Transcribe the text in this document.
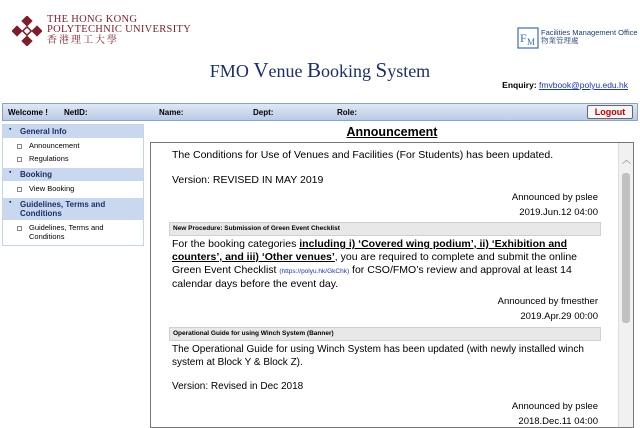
THE HONG KONG
POLYTECHNIC UNIVERSITY
香港理工大學	F M
Facilities Management Office
物業管理處
FMO Venue Booking System
Enquiry: fmvbook@polyu.edu.hk
Welcome ! NetID:	Name:	Dept:	Role:	Logout
▪ General Info
Announcement
Regulations
▪ Booking
View Booking
▪ Guidelines, Terms and Conditions
Guidelines, Terms and Conditions
Announcement
The Conditions for Use of Venues and Facilities (For Students) has been updated.
Version: REVISED IN MAY 2019
Announced by pslee
2019.Jun.12 04:00
New Procedure: Submission of Green Event Checklist
For the booking categories including i) ‘Covered wing podium’, ii) ‘Exhibition and counters’, and iii) ‘Other venues’, you are required to complete and submit the online Green Event Checklist (https://polyu.hk/GkChk) for CSO/FMO’s review and approval at least 14 calendar days before the event day.
Announced by fmesther
2019.Apr.29 00:00
Operational Guide for using Winch System (Banner)
The Operational Guide for using Winch System has been updated (with newly installed winch system at Block Y & Block Z).
Version: Revised in Dec 2018
Announced by pslee
2018.Dec.11 04:00
︿
